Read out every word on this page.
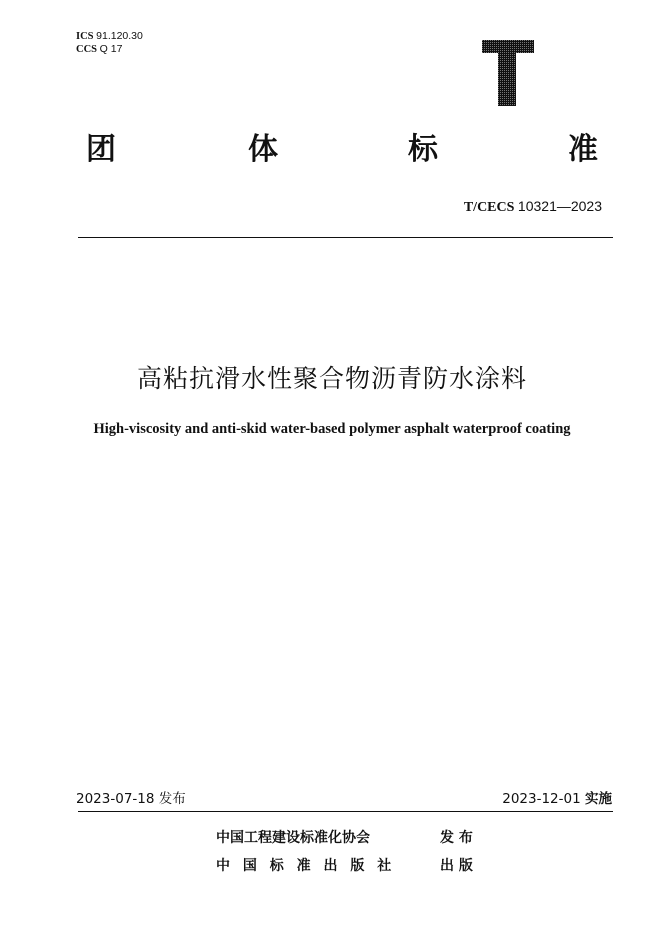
ICS 91.120.30
CCS Q 17
团	体	标	准
T/CECS 10321—2023
高粘抗滑水性聚合物沥青防水涂料
High-viscosity and anti-skid water-based polymer asphalt waterproof coating
2023-07-18 发布	2023-12-01 实施
中国工程建设标准化协会	发 布
中 国 标 准 出 版 社	出 版
